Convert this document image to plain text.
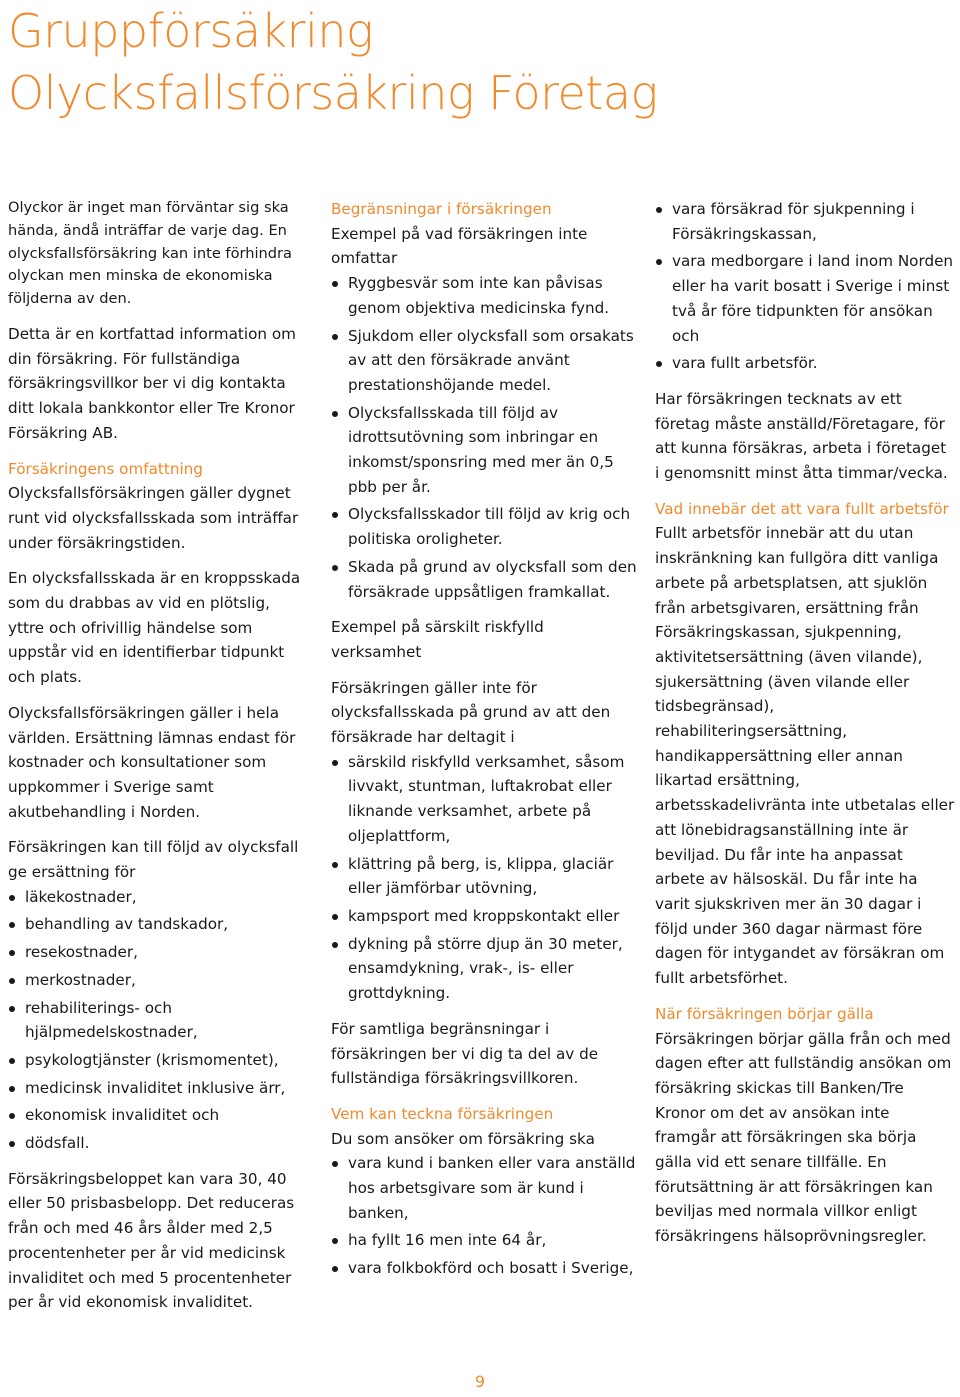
Gruppförsäkring
Olycksfallsförsäkring Företag

Olyckor är inget man förväntar sig ska hända, ändå inträffar de varje dag. En olycksfallsförsäkring kan inte förhindra olyckan men minska de ekonomiska följderna av den.

Detta är en kortfattad information om din försäkring. För fullständiga försäkringsvillkor ber vi dig kontakta ditt lokala bankkontor eller Tre Kronor Försäkring AB.

Försäkringens omfattning

Olycksfallsförsäkringen gäller dygnet runt vid olycksfallsskada som inträffar under försäkringstiden.

En olycksfallsskada är en kroppsskada som du drabbas av vid en plötslig, yttre och ofrivillig händelse som uppstår vid en identifierbar tidpunkt och plats.

Olycksfallsförsäkringen gäller i hela världen. Ersättning lämnas endast för kostnader och konsultationer som uppkommer i Sverige samt akutbehandling i Norden.

Försäkringen kan till följd av olycksfall ge ersättning för

läkekostnader,
behandling av tandskador,
resekostnader,
merkostnader,
rehabiliterings- och hjälpmedelskostnader,
psykologtjänster (krismomentet),
medicinsk invaliditet inklusive ärr,
ekonomisk invaliditet och
dödsfall.

Försäkringsbeloppet kan vara 30, 40 eller 50 prisbasbelopp. Det reduceras från och med 46 års ålder med 2,5 procentenheter per år vid medicinsk invaliditet och med 5 procentenheter per år vid ekonomisk invaliditet.

Begränsningar i försäkringen

Exempel på vad försäkringen inte omfattar

Ryggbesvär som inte kan påvisas genom objektiva medicinska fynd.
Sjukdom eller olycksfall som orsakats av att den försäkrade använt prestationshöjande medel.
Olycksfallsskada till följd av idrottsutövning som inbringar en inkomst/sponsring med mer än 0,5 pbb per år.
Olycksfallsskador till följd av krig och politiska oroligheter.
Skada på grund av olycksfall som den försäkrade uppsåtligen framkallat.

Exempel på särskilt riskfylld verksamhet

Försäkringen gäller inte för olycksfallsskada på grund av att den försäkrade har deltagit i

särskild riskfylld verksamhet, såsom livvakt, stuntman, luftakrobat eller liknande verksamhet, arbete på oljeplattform,
klättring på berg, is, klippa, glaciär eller jämförbar utövning,
kampsport med kroppskontakt eller
dykning på större djup än 30 meter, ensamdykning, vrak-, is- eller grottdykning.

För samtliga begränsningar i försäkringen ber vi dig ta del av de fullständiga försäkringsvillkoren.

Vem kan teckna försäkringen

Du som ansöker om försäkring ska

vara kund i banken eller vara anställd hos arbetsgivare som är kund i banken,
ha fyllt 16 men inte 64 år,
vara folkbokförd och bosatt i Sverige,
vara försäkrad för sjukpenning i Försäkringskassan,
vara medborgare i land inom Norden eller ha varit bosatt i Sverige i minst två år före tidpunkten för ansökan och
vara fullt arbetsför.

Har försäkringen tecknats av ett företag måste anställd/Företagare, för att kunna försäkras, arbeta i företaget i genomsnitt minst åtta timmar/vecka.

Vad innebär det att vara fullt arbetsför

Fullt arbetsför innebär att du utan inskränkning kan fullgöra ditt vanliga arbete på arbetsplatsen, att sjuklön från arbetsgivaren, ersättning från Försäkringskassan, sjukpenning, aktivitetsersättning (även vilande), sjukersättning (även vilande eller tidsbegränsad), rehabiliteringsersättning, handikappersättning eller annan likartad ersättning, arbetsskadelivränta inte utbetalas eller att lönebidragsanställning inte är beviljad. Du får inte ha anpassat arbete av hälsoskäl. Du får inte ha varit sjukskriven mer än 30 dagar i följd under 360 dagar närmast före dagen för intygandet av försäkran om fullt arbetsförhet.

När försäkringen börjar gälla

Försäkringen börjar gälla från och med dagen efter att fullständig ansökan om försäkring skickas till Banken/Tre Kronor om det av ansökan inte framgår att försäkringen ska börja gälla vid ett senare tillfälle. En förutsättning är att försäkringen kan beviljas med normala villkor enligt försäkringens hälsoprövningsregler.

9
